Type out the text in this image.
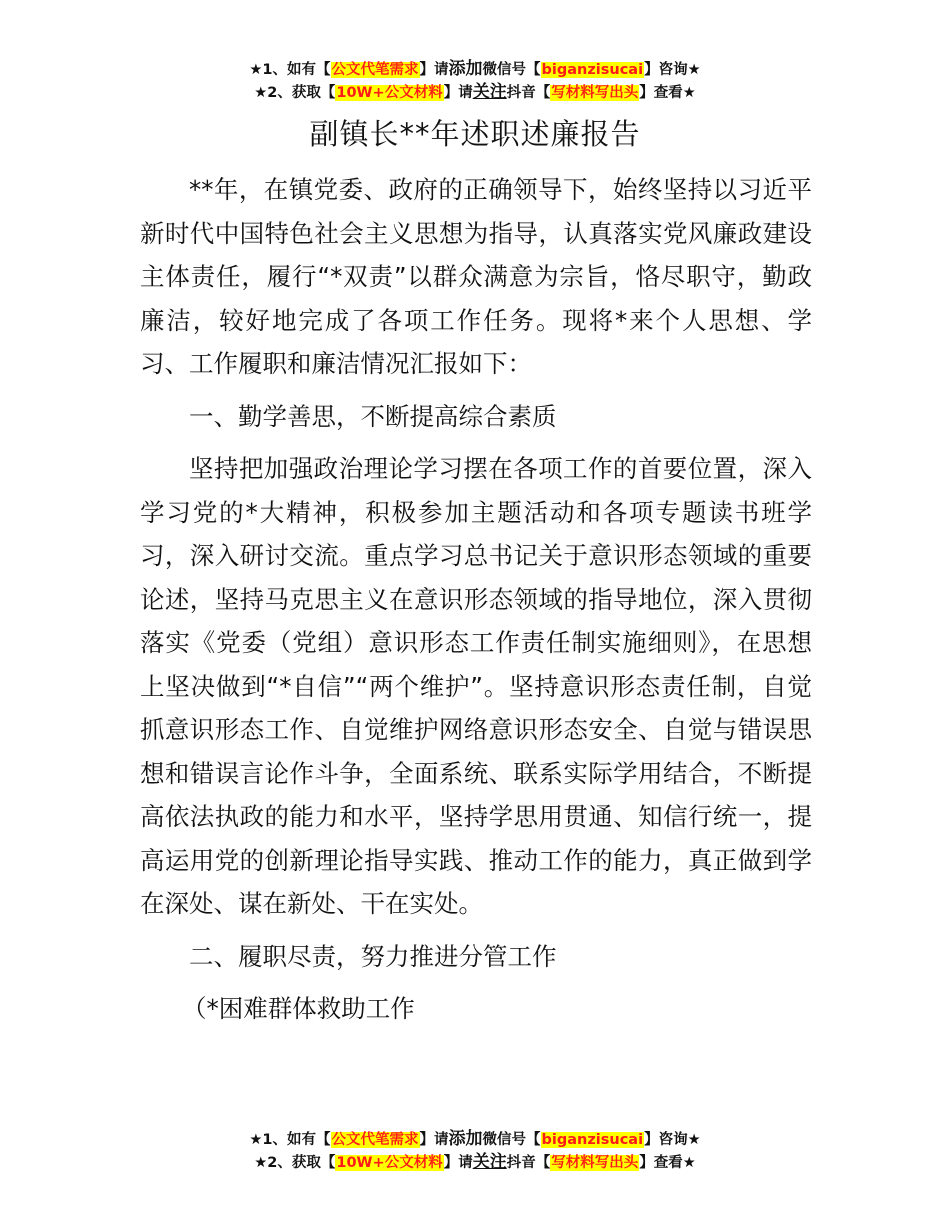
★1、如有【公文代笔需求】请添加微信号【biganzisucai】咨询★
★2、获取【10W+公文材料】请关注抖音【写材料写出头】查看★
副镇长**年述职述廉报告

**年，在镇党委、政府的正确领导下，始终坚持以习近平新时代中国特色社会主义思想为指导，认真落实党风廉政建设主体责任，履行“*双责”以群众满意为宗旨，恪尽职守，勤政廉洁，较好地完成了各项工作任务。现将*来个人思想、学习、工作履职和廉洁情况汇报如下：

一、勤学善思，不断提高综合素质

坚持把加强政治理论学习摆在各项工作的首要位置，深入学习党的*大精神，积极参加主题活动和各项专题读书班学习，深入研讨交流。重点学习总书记关于意识形态领域的重要论述，坚持马克思主义在意识形态领域的指导地位，深入贯彻落实《党委（党组）意识形态工作责任制实施细则》，在思想上坚决做到“*自信”“两个维护”。坚持意识形态责任制，自觉抓意识形态工作、自觉维护网络意识形态安全、自觉与错误思想和错误言论作斗争，全面系统、联系实际学用结合，不断提高依法执政的能力和水平，坚持学思用贯通、知信行统一，提高运用党的创新理论指导实践、推动工作的能力，真正做到学在深处、谋在新处、干在实处。

二、履职尽责，努力推进分管工作

（*困难群体救助工作

★1、如有【公文代笔需求】请添加微信号【biganzisucai】咨询★
★2、获取【10W+公文材料】请关注抖音【写材料写出头】查看★
